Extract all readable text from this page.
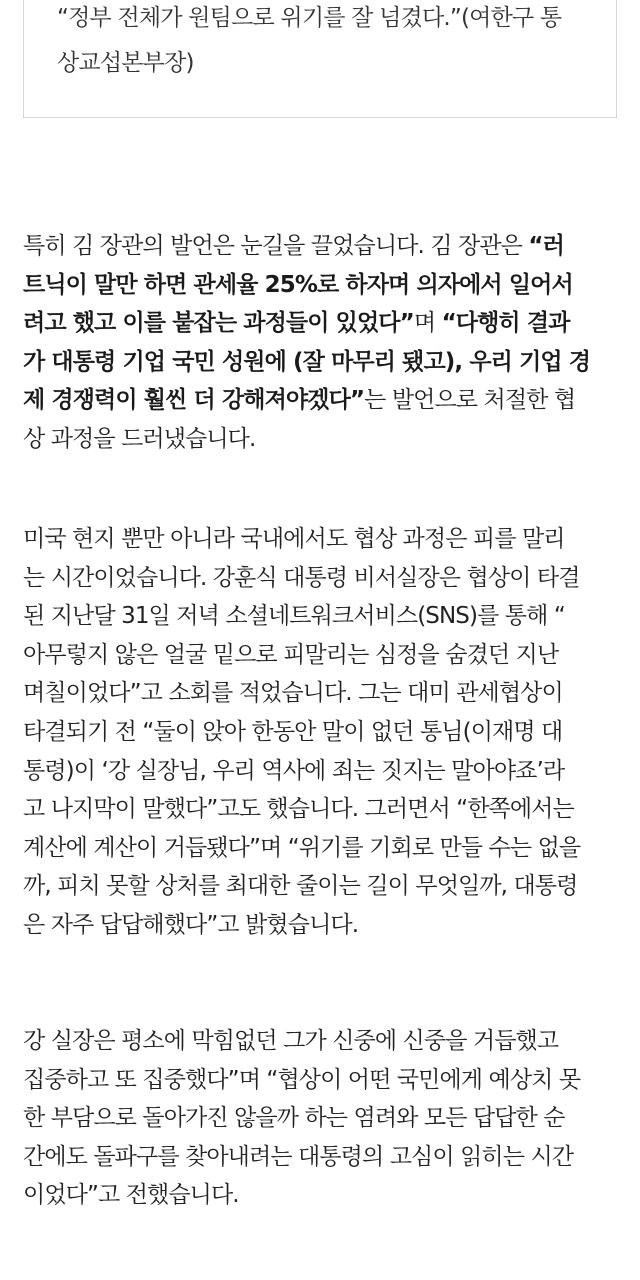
“정부 전체가 원팀으로 위기를 잘 넘겼다.”(여한구 통
상교섭본부장)

특히 김 장관의 발언은 눈길을 끌었습니다. 김 장관은 “러
트닉이 말만 하면 관세율 25%로 하자며 의자에서 일어서
려고 했고 이를 붙잡는 과정들이 있었다”며 “다행히 결과
가 대통령 기업 국민 성원에 (잘 마무리 됐고), 우리 기업 경
제 경쟁력이 훨씬 더 강해져야겠다”는 발언으로 처절한 협
상 과정을 드러냈습니다.

미국 현지 뿐만 아니라 국내에서도 협상 과정은 피를 말리
는 시간이었습니다. 강훈식 대통령 비서실장은 협상이 타결
된 지난달 31일 저녁 소셜네트워크서비스(SNS)를 통해 “
아무렇지 않은 얼굴 밑으로 피말리는 심정을 숨겼던 지난
며칠이었다”고 소회를 적었습니다. 그는 대미 관세협상이
타결되기 전 “둘이 앉아 한동안 말이 없던 통님(이재명 대
통령)이 ‘강 실장님, 우리 역사에 죄는 짓지는 말아야죠’라
고 나지막이 말했다”고도 했습니다. 그러면서 “한쪽에서는
계산에 계산이 거듭됐다”며 “위기를 기회로 만들 수는 없을
까, 피치 못할 상처를 최대한 줄이는 길이 무엇일까, 대통령
은 자주 답답해했다”고 밝혔습니다.

강 실장은 평소에 막힘없던 그가 신중에 신중을 거듭했고
집중하고 또 집중했다”며 “협상이 어떤 국민에게 예상치 못
한 부담으로 돌아가진 않을까 하는 염려와 모든 답답한 순
간에도 돌파구를 찾아내려는 대통령의 고심이 읽히는 시간
이었다”고 전했습니다.
